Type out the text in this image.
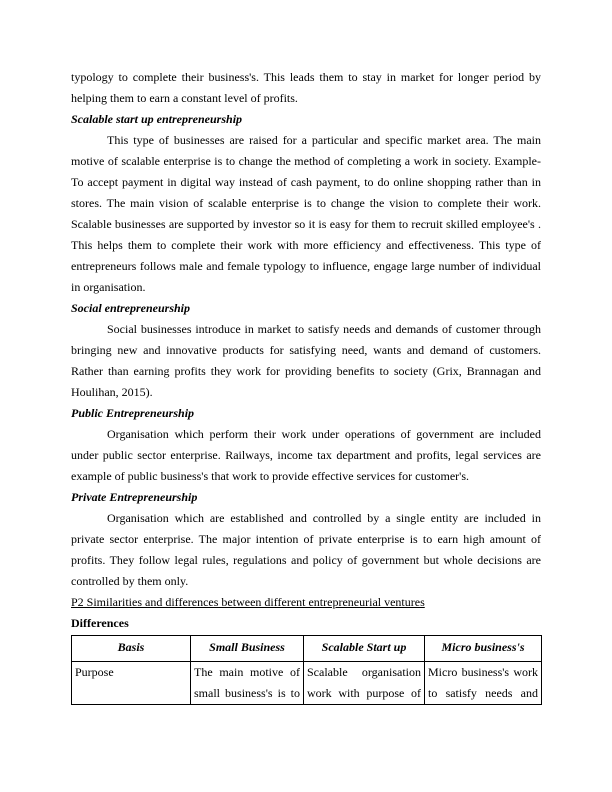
typology to complete their business's. This leads them to stay in market for longer period by helping them to earn a constant level of profits.

Scalable start up entrepreneurship

This type of businesses are raised for a particular and specific market area. The main motive of scalable enterprise is to change the method of completing a work in society. Example- To accept payment in digital way instead of cash payment, to do online shopping rather than in stores. The main vision of scalable enterprise is to change the vision to complete their work. Scalable businesses are supported by investor so it is easy for them to recruit skilled employee's . This helps them to complete their work with more efficiency and effectiveness. This type of entrepreneurs follows male and female typology to influence, engage large number of individual in organisation.

Social entrepreneurship

Social businesses introduce in market to satisfy needs and demands of customer through bringing new and innovative products for satisfying need, wants and demand of customers. Rather than earning profits they work for providing benefits to society (Grix, Brannagan and Houlihan, 2015).

Public Entrepreneurship

Organisation which perform their work under operations of government are included under public sector enterprise. Railways, income tax department and profits, legal services are example of public business's that work to provide effective services for customer's.

Private Entrepreneurship

Organisation which are established and controlled by a single entity are included in private sector enterprise. The major intention of private enterprise is to earn high amount of profits. They follow legal rules, regulations and policy of government but whole decisions are controlled by them only.

P2 Similarities and differences between different entrepreneurial ventures

Differences

Basis	Small Business	Scalable Start up	Micro business's
Purpose	The main motive of small business's is to	Scalable organisation work with purpose of	Micro business's work to satisfy needs and
